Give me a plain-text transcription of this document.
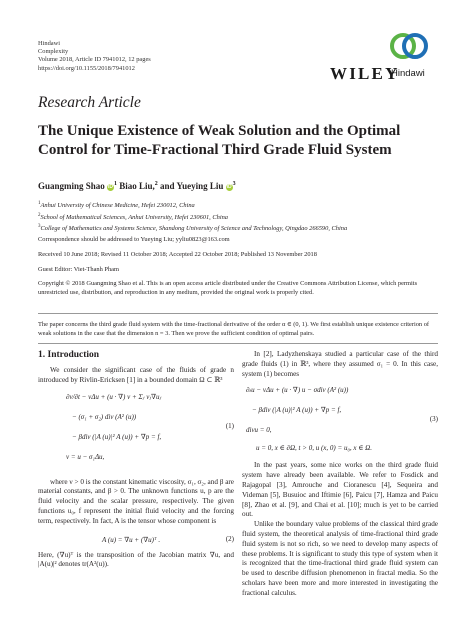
Hindawi
Complexity
Volume 2018, Article ID 7941012, 12 pages
https://doi.org/10.1155/2018/7941012	WILEY
Hindawi
Research Article
The Unique Existence of Weak Solution and the Optimal Control for Time-Fractional Third Grade Fluid System
Guangming Shao $iD^1$ Biao Liu,$^2$ and Yueying Liu $iD^3$
$^1$Anhui University of Chinese Medicine, Hefei 230012, China
$^2$School of Mathematical Sciences, Anhui University, Hefei 230601, China
$^3$College of Mathematics and Systems Science, Shandong University of Science and Technology, Qingdao 266590, China
Correspondence should be addressed to Yueying Liu; yyliu0823@163.com
Received 10 June 2018; Revised 11 October 2018; Accepted 22 October 2018; Published 13 November 2018
Guest Editor: Viet-Thanh Pham
Copyright © 2018 Guangming Shao et al. This is an open access article distributed under the Creative Commons Attribution License, which permits unrestricted use, distribution, and reproduction in any medium, provided the original work is properly cited.
The paper concerns the third grade fluid system with the time-fractional derivative of the order α ∈ (0, 1). We first establish unique existence criterion of weak solutions in the case that the dimension n = 3. Then we prove the sufficient condition of optimal pairs.
1. Introduction

We consider the significant case of the fluids of grade n introduced by Rivlin-Ericksen [1] in a bounded domain Ω ⊂ ℝ³

∂v/∂t − νΔu + (u · ∇) v + Σⱼ vⱼ∇uⱼ
− (σ₁ + σ₂) div (A² (u))
− βdiv (|A (u)|² A (u)) + ∇p = f,
v = u − σ₁Δu,
(1)

where ν > 0 is the constant kinematic viscosity, σ₁, σ₂, and β are material constants, and β > 0. The unknown functions u, p are the fluid velocity and the scalar pressure, respectively. The given functions u₀, f represent the initial fluid velocity and the forcing term, respectively. In fact, A is the tensor whose component is

A (u) = ∇u + (∇u)ᵀ .	(2)

Here, (∇u)ᵀ is the transposition of the Jacobian matrix ∇u, and |A(u)|² denotes tr(A²(u)).

In [2], Ladyzhenskaya studied a particular case of the third grade fluids (1) in ℝ³, where they assumed σ₁ = 0. In this case, system (1) becomes

∂ₜu − νΔu + (u · ∇) u − σdiv (A² (u))
− βdiv (|A (u)|² A (u)) + ∇p = f,
divu = 0,
u = 0, x ∈ ∂Ω, t > 0, u (x, 0) = u₀, x ∈ Ω.
(3)

In the past years, some nice works on the third grade fluid system have already been available. We refer to Fosdick and Rajagopal [3], Amrouche and Cioranescu [4], Sequeira and Videman [5], Busuioc and Iftimie [6], Paicu [7], Hamza and Paicu [8], Zhao et al. [9], and Chai et al. [10]; much is yet to be carried out.

Unlike the boundary value problems of the classical third grade fluid system, the theoretical analysis of time-fractional third grade fluid system is not so rich, so we need to develop many aspects of these problems. It is significant to study this type of system when it is recognized that the time-fractional third grade fluid system can be used to describe diffusion phenomenon in fractal media. So the scholars have been more and more interested in investigating the fractional calculus.
